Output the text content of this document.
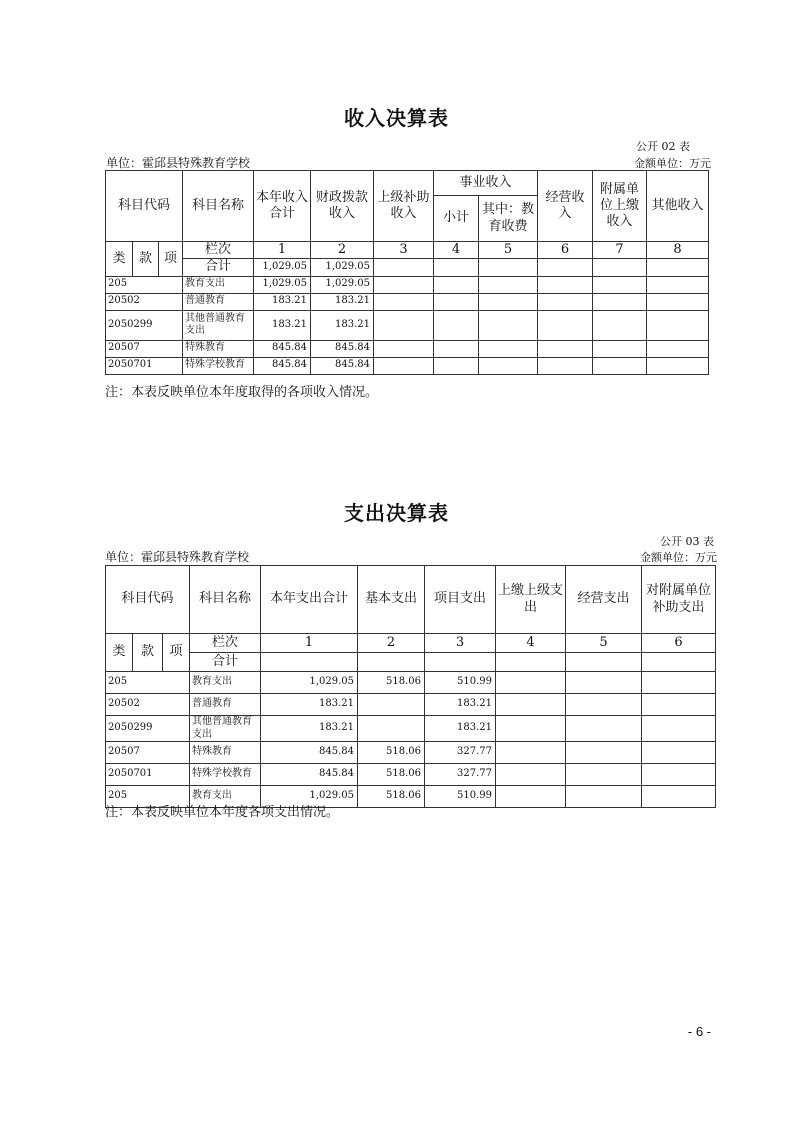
收入决算表
公开 02 表
单位：霍邱县特殊教育学校	金额单位：万元
科目代码			科目名称	本年收入合计	财政拨款收入	上级补助收入	事业收入		经营收入	附属单位上缴收入	其他收入
							小计	其中：教育收费			
类	款	项	栏次	1	2	3	4	5	6	7	8
			合计	1,029.05	1,029.05						
205			教育支出	1,029.05	1,029.05						
20502			普通教育	183.21	183.21						
2050299			其他普通教育支出	183.21	183.21						
20507			特殊教育	845.84	845.84						
2050701			特殊学校教育	845.84	845.84						
注：本表反映单位本年度取得的各项收入情况。
支出决算表
公开 03 表
单位：霍邱县特殊教育学校	金额单位：万元
科目代码			科目名称	本年支出合计	基本支出	项目支出	上缴上级支出	经营支出	对附属单位补助支出
类	款	项	栏次	1	2	3	4	5	6
			合计						
205			教育支出	1,029.05	518.06	510.99			
20502			普通教育	183.21		183.21			
2050299			其他普通教育支出	183.21		183.21			
20507			特殊教育	845.84	518.06	327.77			
2050701			特殊学校教育	845.84	518.06	327.77			
205			教育支出	1,029.05	518.06	510.99			
注：本表反映单位本年度各项支出情况。
- 6 -
